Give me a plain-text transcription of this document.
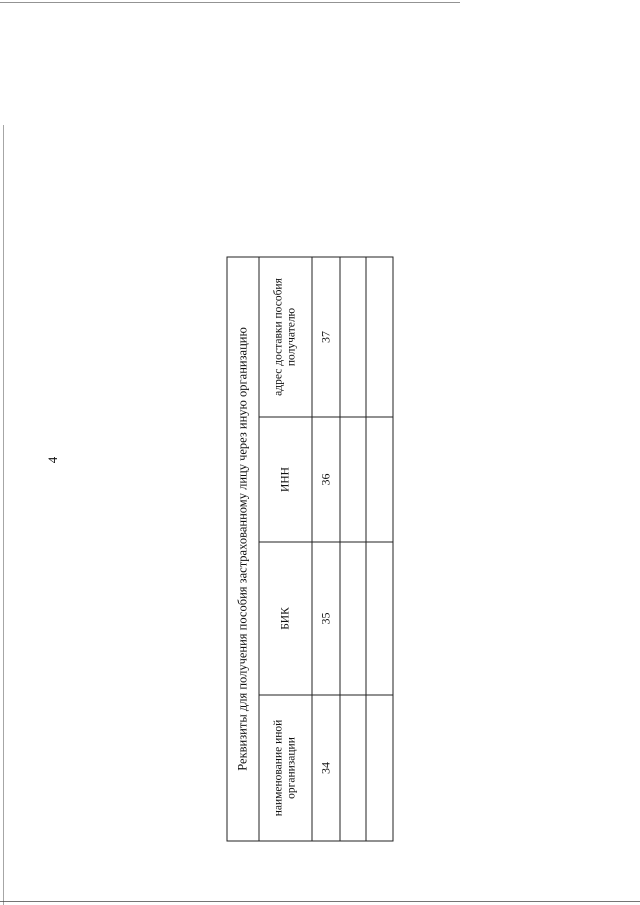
4	Реквизиты для получения пособия застрахованному лицу через иную организацию			
наименование иной организации	БИК	ИНН	адрес доставки пособия получателю
34	35	36	37
